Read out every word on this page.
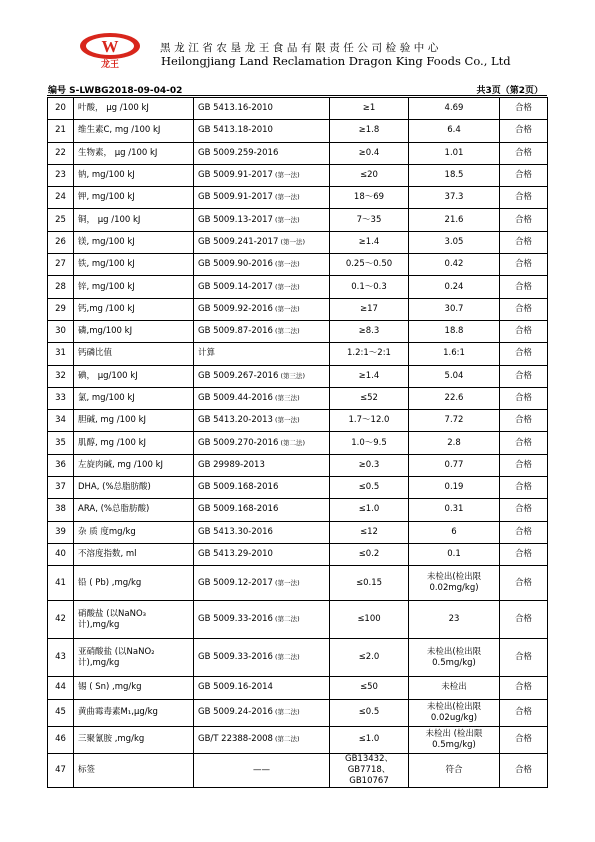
W
龙王
黑龙江省农垦龙王食品有限责任公司检验中心
Heilongjiang Land Reclamation Dragon King Foods Co., Ltd
编号 S-LWBG2018-09-04-02	共3页（第2页）
20	叶酸， μg /100 kJ	GB 5413.16-2010	≥1	4.69	合格
21	维生素C, mg /100 kJ	GB 5413.18-2010	≥1.8	6.4	合格
22	生物素， μg /100 kJ	GB 5009.259-2016	≥0.4	1.01	合格
23	钠, mg/100 kJ	GB 5009.91-2017 (第一法)	≤20	18.5	合格
24	钾, mg/100 kJ	GB 5009.91-2017 (第一法)	18～69	37.3	合格
25	铜， μg /100 kJ	GB 5009.13-2017 (第一法)	7～35	21.6	合格
26	镁, mg/100 kJ	GB 5009.241-2017 (第一法)	≥1.4	3.05	合格
27	铁, mg/100 kJ	GB 5009.90-2016 (第一法)	0.25～0.50	0.42	合格
28	锌, mg/100 kJ	GB 5009.14-2017 (第一法)	0.1～0.3	0.24	合格
29	钙,mg /100 kJ	GB 5009.92-2016 (第一法)	≥17	30.7	合格
30	磷,mg/100 kJ	GB 5009.87-2016 (第二法)	≥8.3	18.8	合格
31	钙磷比值	计算	1.2:1～2:1	1.6:1	合格
32	碘， μg/100 kJ	GB 5009.267-2016 (第三法)	≥1.4	5.04	合格
33	氯, mg/100 kJ	GB 5009.44-2016 (第三法)	≤52	22.6	合格
34	胆碱, mg /100 kJ	GB 5413.20-2013 (第一法)	1.7～12.0	7.72	合格
35	肌醇, mg /100 kJ	GB 5009.270-2016 (第二法)	1.0～9.5	2.8	合格
36	左旋肉碱, mg /100 kJ	GB 29989-2013	≥0.3	0.77	合格
37	DHA, (%总脂肪酸)	GB 5009.168-2016	≤0.5	0.19	合格
38	ARA, (%总脂肪酸)	GB 5009.168-2016	≤1.0	0.31	合格
39	杂 质 度mg/kg	GB 5413.30-2016	≤12	6	合格
40	不溶度指数, ml	GB 5413.29-2010	≤0.2	0.1	合格
41	铅 ( Pb) ,mg/kg	GB 5009.12-2017 (第一法)	≤0.15	未检出(检出限
0.02mg/kg)	合格
42	硝酸盐 (以NaNO₃
计),mg/kg	GB 5009.33-2016 (第二法)	≤100	23	合格
43	亚硝酸盐 (以NaNO₂
计),mg/kg	GB 5009.33-2016 (第二法)	≤2.0	未检出(检出限
0.5mg/kg)	合格
44	锡 ( Sn) ,mg/kg	GB 5009.16-2014	≤50	未检出	合格
45	黄曲霉毒素M₁,μg/kg	GB 5009.24-2016 (第二法)	≤0.5	未检出(检出限
0.02ug/kg)	合格
46	三聚氰胺 ,mg/kg	GB/T 22388-2008 (第二法)	≤1.0	未检出 (检出限
0.5mg/kg)	合格
47	标签	——	GB13432、
GB7718、GB10767	符合	合格
